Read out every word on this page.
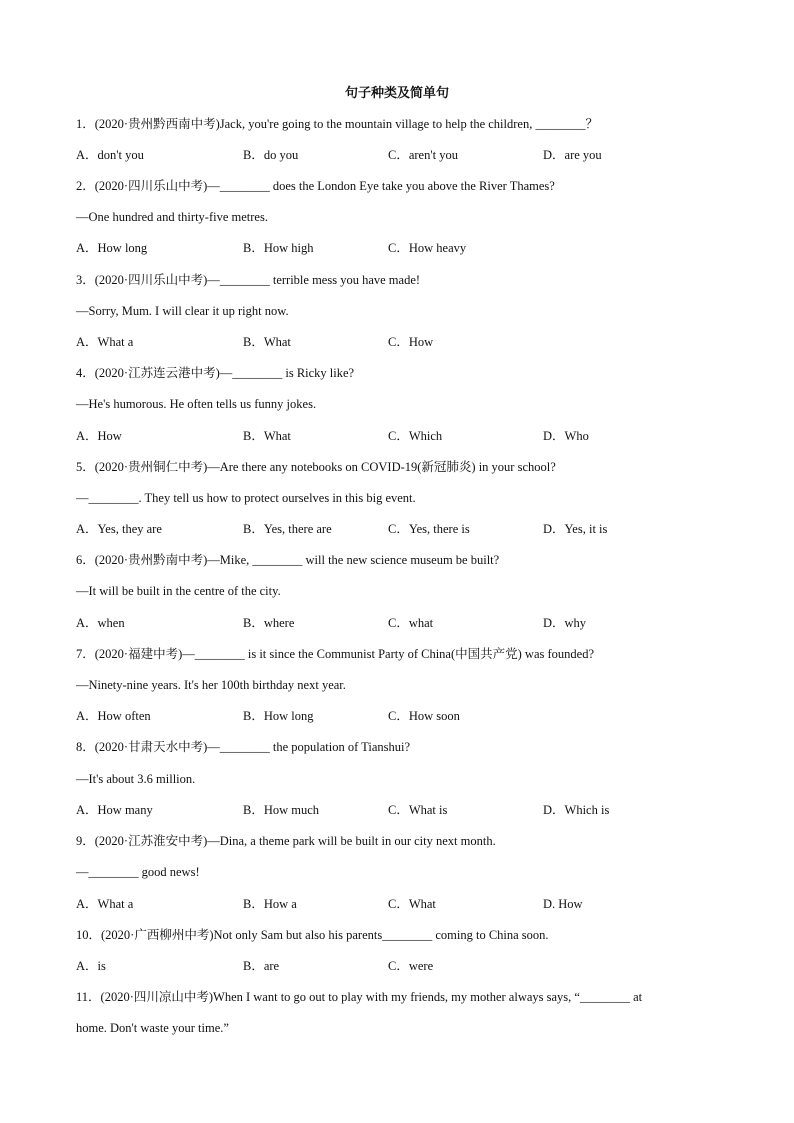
句子种类及简单句
1．(2020·贵州黔西南中考)Jack, you're going to the mountain village to help the children, ________？
A．don't you	B．do you	C．aren't you	D．are you
2．(2020·四川乐山中考)—________ does the London Eye take you above the River Thames?
—One hundred and thirty-five metres.
A．How long	B．How high	C．How heavy
3．(2020·四川乐山中考)—________ terrible mess you have made!
—Sorry, Mum. I will clear it up right now.
A．What a	B．What	C．How
4．(2020·江苏连云港中考)—________ is Ricky like?
—He's humorous. He often tells us funny jokes.
A．How	B．What	C．Which	D．Who
5．(2020·贵州铜仁中考)—Are there any notebooks on COVID-19(新冠肺炎) in your school?
—________. They tell us how to protect ourselves in this big event.
A．Yes, they are	B．Yes, there are	C．Yes, there is	D．Yes, it is
6．(2020·贵州黔南中考)—Mike, ________ will the new science museum be built?
—It will be built in the centre of the city.
A．when	B．where	C．what	D．why
7．(2020·福建中考)—________ is it since the Communist Party of China(中国共产党) was founded?
—Ninety-nine years. It's her 100th birthday next year.
A．How often	B．How long	C．How soon
8．(2020·甘肃天水中考)—________ the population of Tianshui?
—It's about 3.6 million.
A．How many	B．How much	C．What is	D．Which is
9．(2020·江苏淮安中考)—Dina, a theme park will be built in our city next month.
—________ good news!
A．What a	B．How a	C．What	D. How
10．(2020·广西柳州中考)Not only Sam but also his parents________ coming to China soon.
A．is	B．are	C．were
11．(2020·四川凉山中考)When I want to go out to play with my friends, my mother always says, “________ at
home. Don't waste your time.”
